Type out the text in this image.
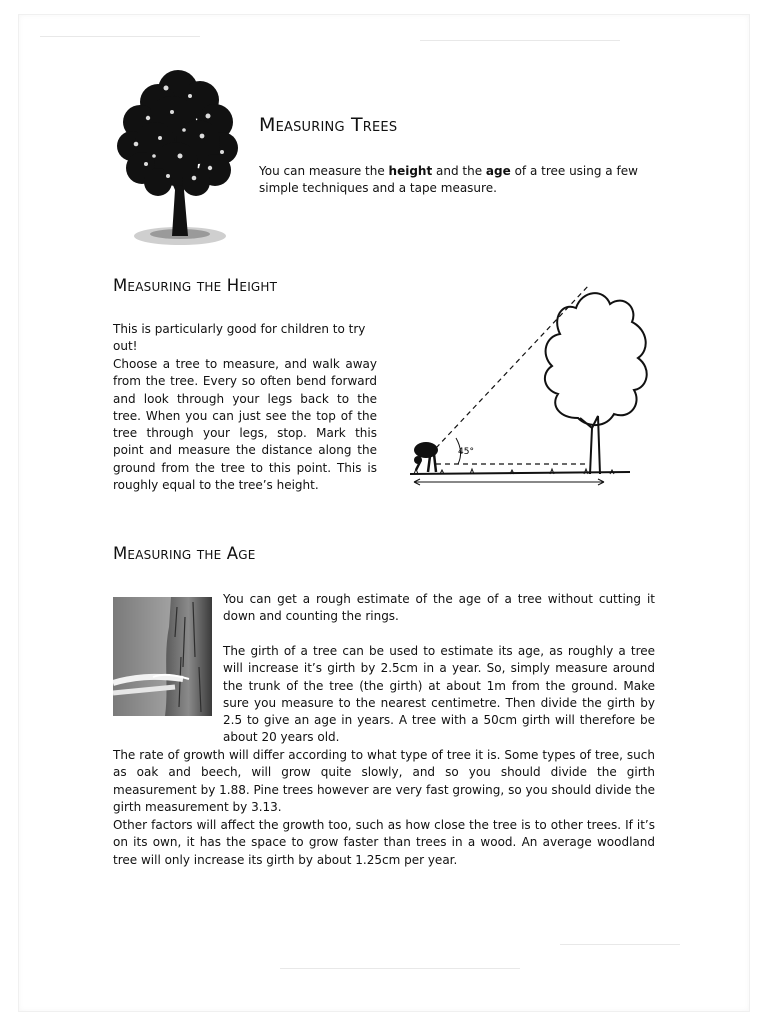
Measuring Trees

You can measure the height and the age of a tree using a few simple techniques and a tape measure.

Measuring the Height

This is particularly good for children to try out!

Choose a tree to measure, and walk away from the tree. Every so often bend forward and look through your legs back to the tree. When you can just see the top of the tree through your legs, stop. Mark this point and measure the distance along the ground from the tree to this point. This is roughly equal to the tree’s height.

45°
Measuring the Age

You can get a rough estimate of the age of a tree without cutting it down and counting the rings.

The girth of a tree can be used to estimate its age, as roughly a tree will increase it’s girth by 2.5cm in a year. So, simply measure around the trunk of the tree (the girth) at about 1m from the ground. Make sure you measure to the nearest centimetre. Then divide the girth by 2.5 to give an age in years. A tree with a 50cm girth will therefore be about 20 years old.

The rate of growth will differ according to what type of tree it is. Some types of tree, such as oak and beech, will grow quite slowly, and so you should divide the girth measurement by 1.88. Pine trees however are very fast growing, so you should divide the girth measurement by 3.13.

Other factors will affect the growth too, such as how close the tree is to other trees. If it’s on its own, it has the space to grow faster than trees in a wood. An average woodland tree will only increase its girth by about 1.25cm per year.
